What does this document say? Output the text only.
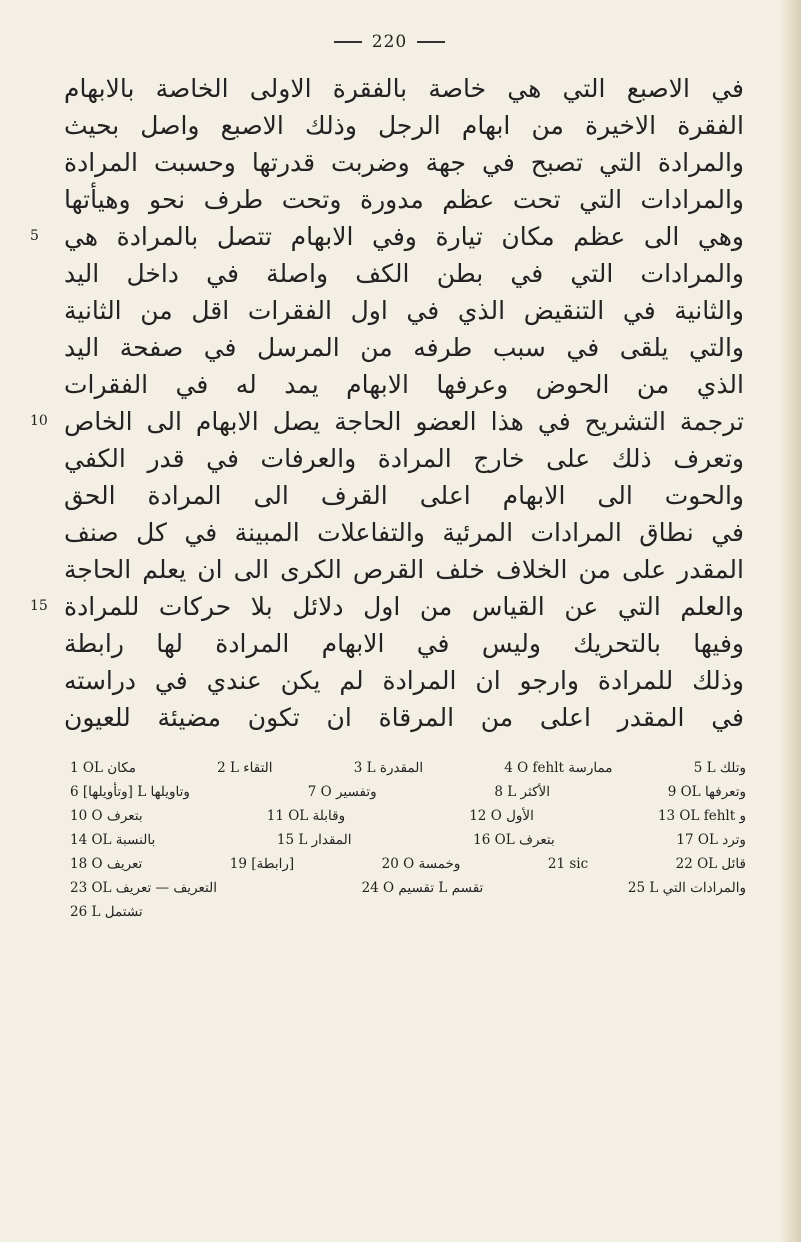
220
في الاصبع التي هي خاصة بالفقرة الاولى الخاصة بالابهام
الفقرة الاخيرة من ابهام الرجل وذلك الاصبع واصل بحيث
والمرادة التي تصبح في جهة وضربت قدرتها وحسبت المرادة
والمرادات التي تحت عظم مدورة وتحت طرف نحو وهيأتها
وهي الى عظم مكان تيارة وفي الابهام تتصل بالمرادة هي
والمرادات التي في بطن الكف واصلة في داخل اليد
والثانية في التنقيض الذي في اول الفقرات اقل من الثانية
والتي يلقى في سبب طرفه من المرسل في صفحة اليد
الذي من الحوض وعرفها الابهام يمد له في الفقرات
ترجمة التشريح في هذا العضو الحاجة يصل الابهام الى الخاص
وتعرف ذلك على خارج المرادة والعرفات في قدر الكفي
والحوت الى الابهام اعلى القرف الى المرادة الحق
في نطاق المرادات المرئية والتفاعلات المبينة في كل صنف
المقدر على من الخلاف خلف القرص الكرى الى ان يعلم الحاجة
والعلم التي عن القياس من اول دلائل بلا حركات للمرادة
وفيها بالتحريك وليس في الابهام المرادة لها رابطة
وذلك للمرادة وارجو ان المرادة لم يكن عندي في دراسته
في المقدر اعلى من المرقاة ان تكون مضيئة للعيون
1 OL مكان	2 L التقاء	3 L المقدرة	4 O fehlt ممارسة	5 L وتلك
6 [وتأويلها] L وتاويلها	7 O وتفسير	8 L الأكثر	9 OL وتعرفها
10 O بتعرف	11 OL وقابلة	12 O الأول	13 OL fehlt و
14 OL بالنسبة	15 L المقدار	16 OL بتعرف	17 OL وترد
18 O تعريف	19 [رابطة]	20 O وخمسة	21 sic	22 OL قائل
23 OL التعريف — تعريف	24 O تقسيم L تقسم	25 L والمرادات التي
26 L تشتمل
5
10
15
